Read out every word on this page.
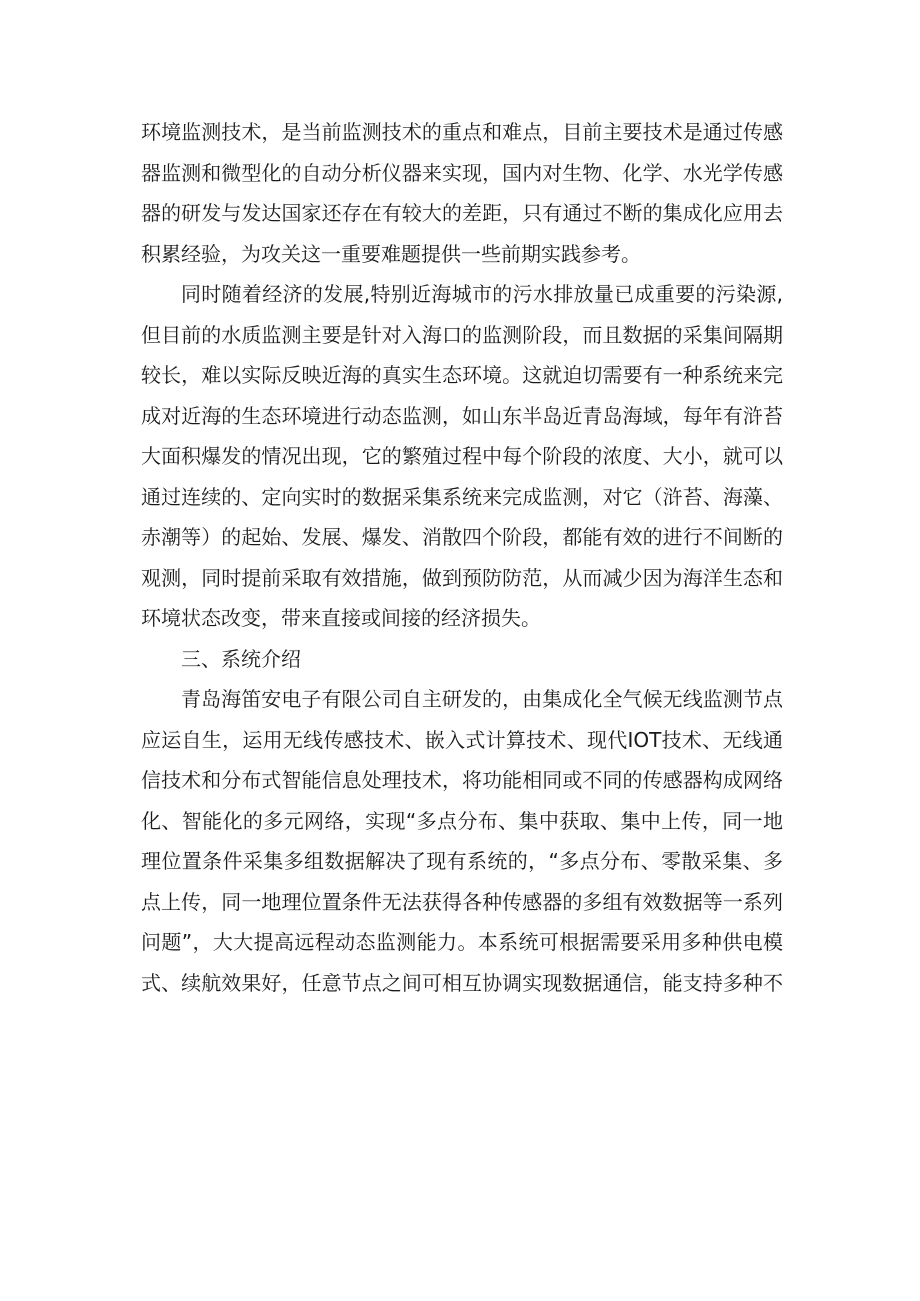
环境监测技术，是当前监测技术的重点和难点，目前主要技术是通过传感
器监测和微型化的自动分析仪器来实现，国内对生物、化学、水光学传感
器的研发与发达国家还存在有较大的差距，只有通过不断的集成化应用去
积累经验，为攻关这一重要难题提供一些前期实践参考。
同时随着经济的发展,特别近海城市的污水排放量已成重要的污染源,
但目前的水质监测主要是针对入海口的监测阶段，而且数据的采集间隔期
较长，难以实际反映近海的真实生态环境。这就迫切需要有一种系统来完
成对近海的生态环境进行动态监测，如山东半岛近青岛海域，每年有浒苔
大面积爆发的情况出现，它的繁殖过程中每个阶段的浓度、大小，就可以
通过连续的、定向实时的数据采集系统来完成监测，对它（浒苔、海藻、
赤潮等）的起始、发展、爆发、消散四个阶段，都能有效的进行不间断的
观测，同时提前采取有效措施，做到预防防范，从而减少因为海洋生态和
环境状态改变，带来直接或间接的经济损失。
三、系统介绍
青岛海笛安电子有限公司自主研发的，由集成化全气候无线监测节点
应运自生，运用无线传感技术、嵌入式计算技术、现代IOT技术、无线通
信技术和分布式智能信息处理技术，将功能相同或不同的传感器构成网络
化、智能化的多元网络，实现“多点分布、集中获取、集中上传，同一地
理位置条件采集多组数据解决了现有系统的，“多点分布、零散采集、多
点上传，同一地理位置条件无法获得各种传感器的多组有效数据等一系列
问题”，大大提高远程动态监测能力。本系统可根据需要采用多种供电模
式、续航效果好，任意节点之间可相互协调实现数据通信，能支持多种不
